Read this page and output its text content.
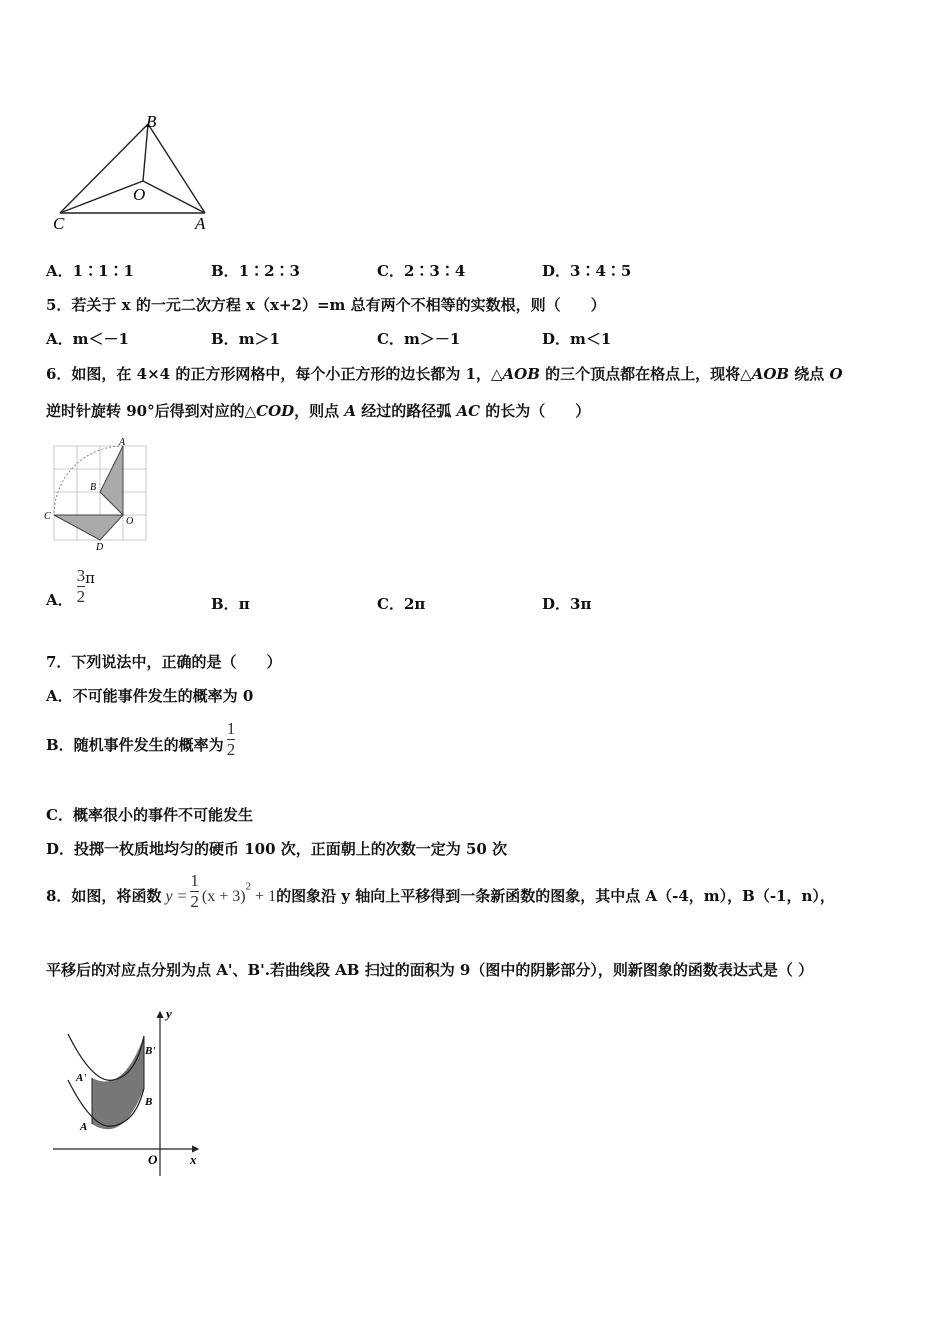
B
O
C	A
A．1∶1∶1	B．1∶2∶3	C．2∶3∶4	D．3∶4∶5
5．若关于 x 的一元二次方程 x（x+2）=m 总有两个不相等的实数根，则（　　）
A．m＜－1	B．m＞1	C．m＞－1	D．m＜1
6．如图，在 4×4 的正方形网格中，每个小正方形的边长都为 1，△AOB 的三个顶点都在格点上，现将△AOB 绕点 O
逆时针旋转 90°后得到对应的△COD，则点 A 经过的路径弧 AC 的长为（　　）
A
B
C	O
D
A． $\frac{3}{2}$ π
B．π	C．2π	D．3π
7．下列说法中，正确的是（　　）
A．不可能事件发生的概率为 0
B．随机事件发生的概率为 $\frac{1}{2}$
C．概率很小的事件不可能发生
D．投掷一枚质地均匀的硬币 100 次，正面朝上的次数一定为 50 次
8．如图，将函数 $y = \frac{1}{2} (x + 3)^2 + 1$的图象沿 y 轴向上平移得到一条新函数的图象，其中点 A（-4，m），B（-1，n），
平移后的对应点分别为点 A'、B'.若曲线段 AB 扫过的面积为 9（图中的阴影部分），则新图象的函数表达式是（ ）
y
x
O
A'
B'
A
B
